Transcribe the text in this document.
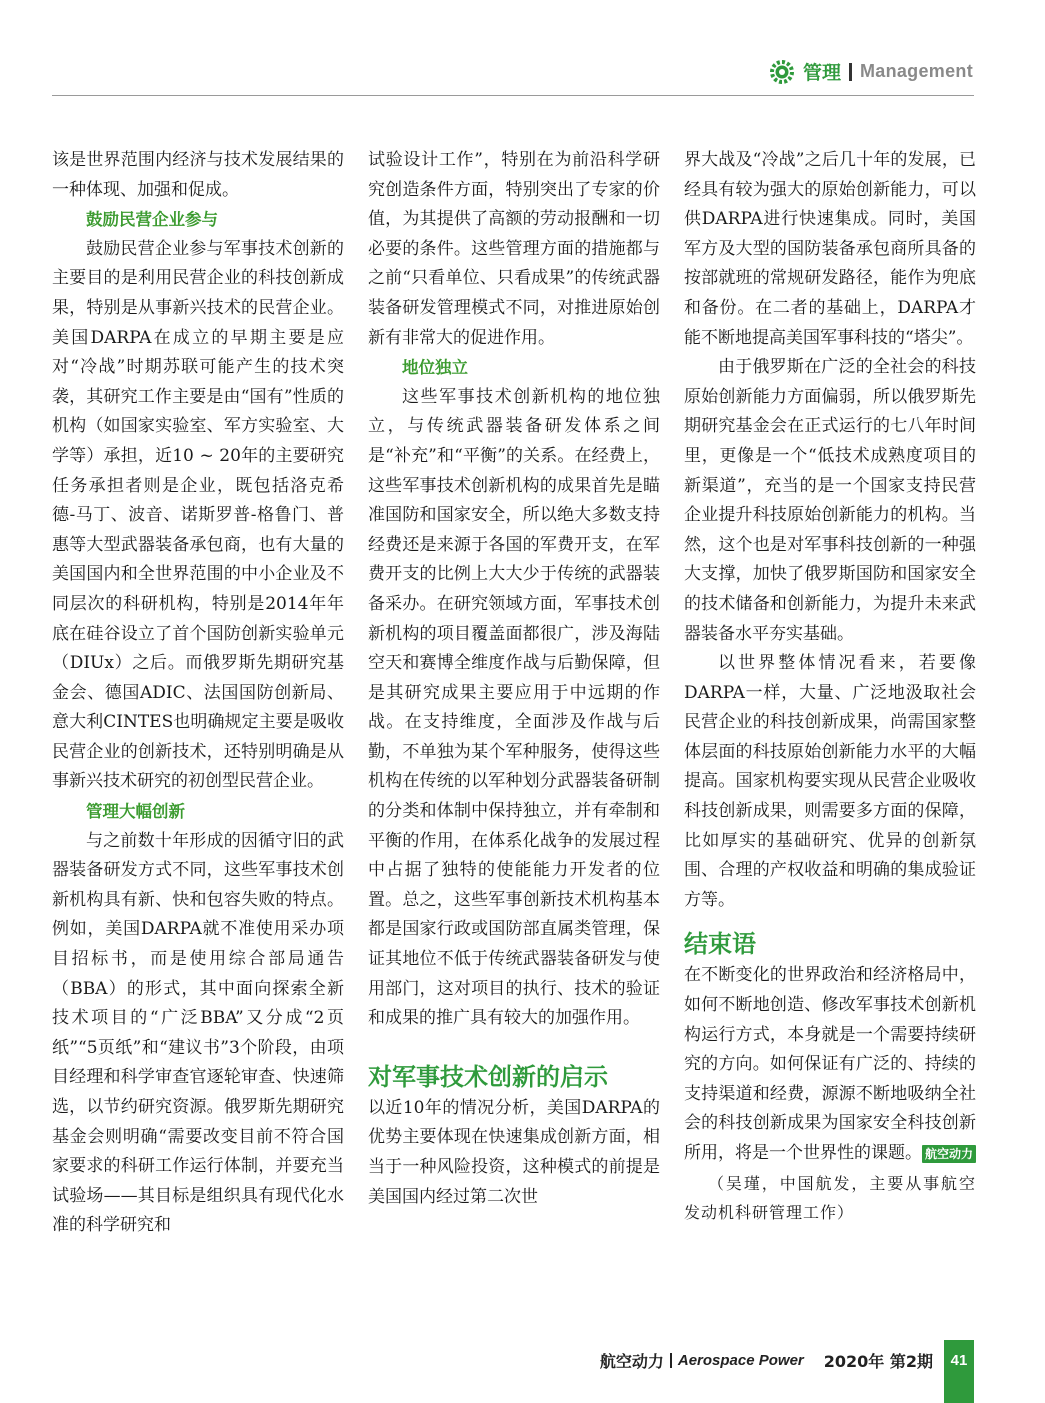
管理 Management

该是世界范围内经济与技术发展结果的一种体现、加强和促成。

鼓励民营企业参与

鼓励民营企业参与军事技术创新的主要目的是利用民营企业的科技创新成果，特别是从事新兴技术的民营企业。美国DARPA在成立的早期主要是应对“冷战”时期苏联可能产生的技术突袭，其研究工作主要是由“国有”性质的机构（如国家实验室、军方实验室、大学等）承担，近10 ~ 20年的主要研究任务承担者则是企业，既包括洛克希德-马丁、波音、诺斯罗普-格鲁门、普惠等大型武器装备承包商，也有大量的美国国内和全世界范围的中小企业及不同层次的科研机构，特别是2014年年底在硅谷设立了首个国防创新实验单元（DIUx）之后。而俄罗斯先期研究基金会、德国ADIC、法国国防创新局、意大利CINTES也明确规定主要是吸收民营企业的创新技术，还特别明确是从事新兴技术研究的初创型民营企业。

管理大幅创新

与之前数十年形成的因循守旧的武器装备研发方式不同，这些军事技术创新机构具有新、快和包容失败的特点。例如，美国DARPA就不准使用采办项目招标书，而是使用综合部局通告（BBA）的形式，其中面向探索全新技术项目的“广泛BBA”又分成“2页纸”“5页纸”和“建议书”3个阶段，由项目经理和科学审查官逐轮审查、快速筛选，以节约研究资源。俄罗斯先期研究基金会则明确“需要改变目前不符合国家要求的科研工作运行体制，并要充当试验场——其目标是组织具有现代化水准的科学研究和

试验设计工作”，特别在为前沿科学研究创造条件方面，特别突出了专家的价值，为其提供了高额的劳动报酬和一切必要的条件。这些管理方面的措施都与之前“只看单位、只看成果”的传统武器装备研发管理模式不同，对推进原始创新有非常大的促进作用。

地位独立

这些军事技术创新机构的地位独立，与传统武器装备研发体系之间是“补充”和“平衡”的关系。在经费上，这些军事技术创新机构的成果首先是瞄准国防和国家安全，所以绝大多数支持经费还是来源于各国的军费开支，在军费开支的比例上大大少于传统的武器装备采办。在研究领域方面，军事技术创新机构的项目覆盖面都很广，涉及海陆空天和赛博全维度作战与后勤保障，但是其研究成果主要应用于中远期的作战。在支持维度，全面涉及作战与后勤，不单独为某个军种服务，使得这些机构在传统的以军种划分武器装备研制的分类和体制中保持独立，并有牵制和平衡的作用，在体系化战争的发展过程中占据了独特的使能能力开发者的位置。总之，这些军事创新技术机构基本都是国家行政或国防部直属类管理，保证其地位不低于传统武器装备研发与使用部门，这对项目的执行、技术的验证和成果的推广具有较大的加强作用。

对军事技术创新的启示

以近10年的情况分析，美国DARPA的优势主要体现在快速集成创新方面，相当于一种风险投资，这种模式的前提是美国国内经过第二次世

界大战及“冷战”之后几十年的发展，已经具有较为强大的原始创新能力，可以供DARPA进行快速集成。同时，美国军方及大型的国防装备承包商所具备的按部就班的常规研发路径，能作为兜底和备份。在二者的基础上，DARPA才能不断地提高美国军事科技的“塔尖”。

由于俄罗斯在广泛的全社会的科技原始创新能力方面偏弱，所以俄罗斯先期研究基金会在正式运行的七八年时间里，更像是一个“低技术成熟度项目的新渠道”，充当的是一个国家支持民营企业提升科技原始创新能力的机构。当然，这个也是对军事科技创新的一种强大支撑，加快了俄罗斯国防和国家安全的技术储备和创新能力，为提升未来武器装备水平夯实基础。

以世界整体情况看来，若要像DARPA一样，大量、广泛地汲取社会民营企业的科技创新成果，尚需国家整体层面的科技原始创新能力水平的大幅提高。国家机构要实现从民营企业吸收科技创新成果，则需要多方面的保障，比如厚实的基础研究、优异的创新氛围、合理的产权收益和明确的集成验证方等。

结束语

在不断变化的世界政治和经济格局中，如何不断地创造、修改军事技术创新机构运行方式，本身就是一个需要持续研究的方向。如何保证有广泛的、持续的支持渠道和经费，源源不断地吸纳全社会的科技创新成果为国家安全科技创新所用，将是一个世界性的课题。 航空动力

（吴瑾，中国航发，主要从事航空发动机科研管理工作）

航空动力 Aerospace Power 2020年 第2期	41
